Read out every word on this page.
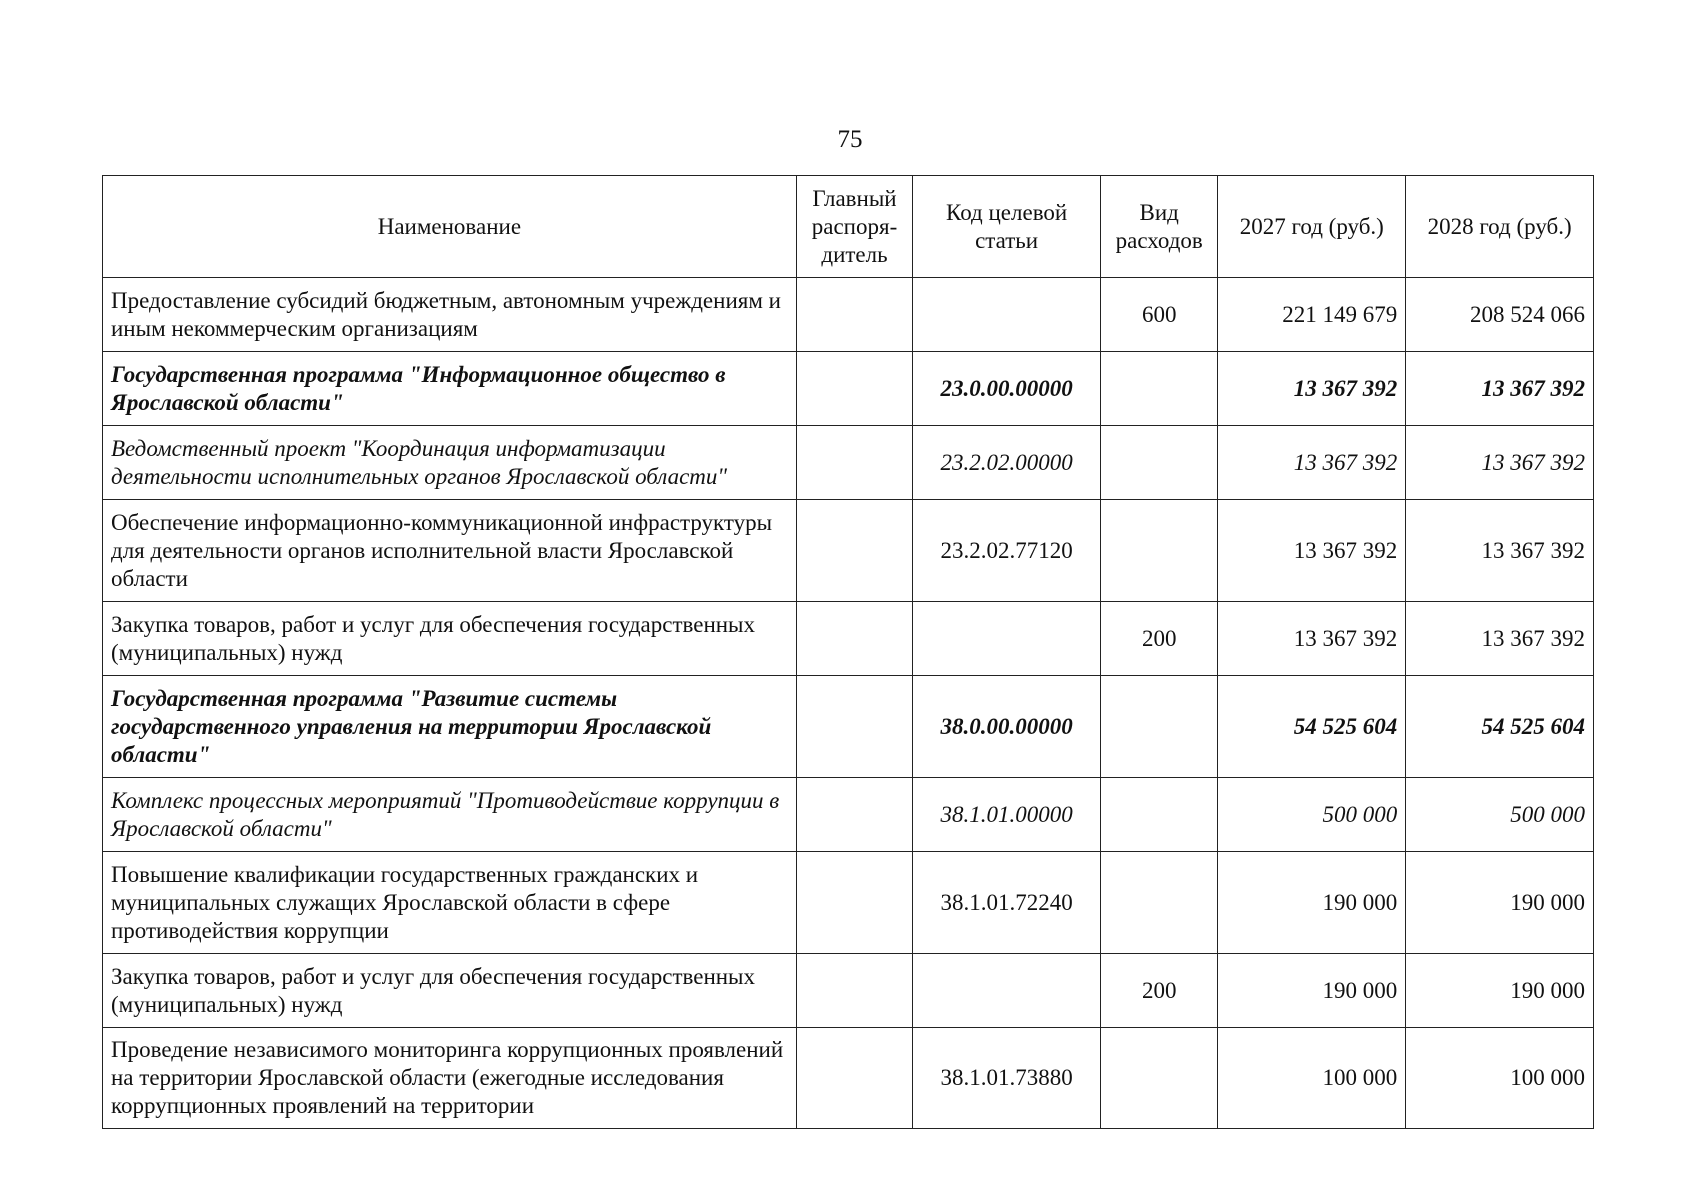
75
Наименование	Главный распоря-дитель	Код целевой статьи	Вид расходов	2027 год (руб.)	2028 год (руб.)
Предоставление субсидий бюджетным, автономным учреждениям и иным некоммерческим организациям			600	221 149 679	208 524 066
Государственная программа "Информационное общество в Ярославской области"		23.0.00.00000		13 367 392	13 367 392
Ведомственный проект "Координация информатизации деятельности исполнительных органов Ярославской области"		23.2.02.00000		13 367 392	13 367 392
Обеспечение информационно-коммуникационной инфраструктуры для деятельности органов исполнительной власти Ярославской области		23.2.02.77120		13 367 392	13 367 392
Закупка товаров, работ и услуг для обеспечения государственных (муниципальных) нужд			200	13 367 392	13 367 392
Государственная программа "Развитие системы государственного управления на территории Ярославской области"		38.0.00.00000		54 525 604	54 525 604
Комплекс процессных мероприятий "Противодействие коррупции в Ярославской области"		38.1.01.00000		500 000	500 000
Повышение квалификации государственных гражданских и муниципальных служащих Ярославской области в сфере противодействия коррупции		38.1.01.72240		190 000	190 000
Закупка товаров, работ и услуг для обеспечения государственных (муниципальных) нужд			200	190 000	190 000
Проведение независимого мониторинга коррупционных проявлений на территории Ярославской области (ежегодные исследования коррупционных проявлений на территории		38.1.01.73880		100 000	100 000
